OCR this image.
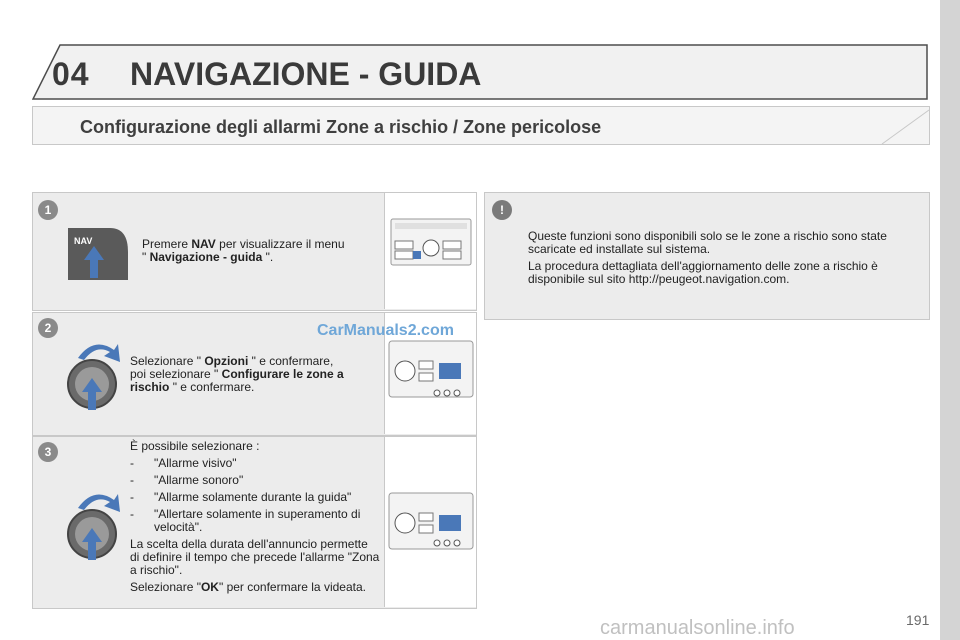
04 NAVIGAZIONE - GUIDA
Configurazione degli allarmi Zone a rischio / Zone pericolose
1
NAV	Premere NAV per visualizzare il menu
" Navigazione - guida ".
2
Selezionare " Opzioni " e confermare,
poi selezionare " Configurare le zone a
rischio " e confermare.
CarManuals2.com
3	È possibile selezionare :

- "Allarme visivo"
- "Allarme sonoro"
- "Allarme solamente durante la guida"
- "Allertare solamente in superamento di velocità".

La scelta della durata dell'annuncio permette di definire il tempo che precede l'allarme "Zona a rischio".

Selezionare "OK" per confermare la videata.

!

Queste funzioni sono disponibili solo se le zone a rischio sono state scaricate ed installate sul sistema.

La procedura dettagliata dell'aggiornamento delle zone a rischio è disponibile sul sito http://peugeot.navigation.com.

carmanualsonline.info	191
